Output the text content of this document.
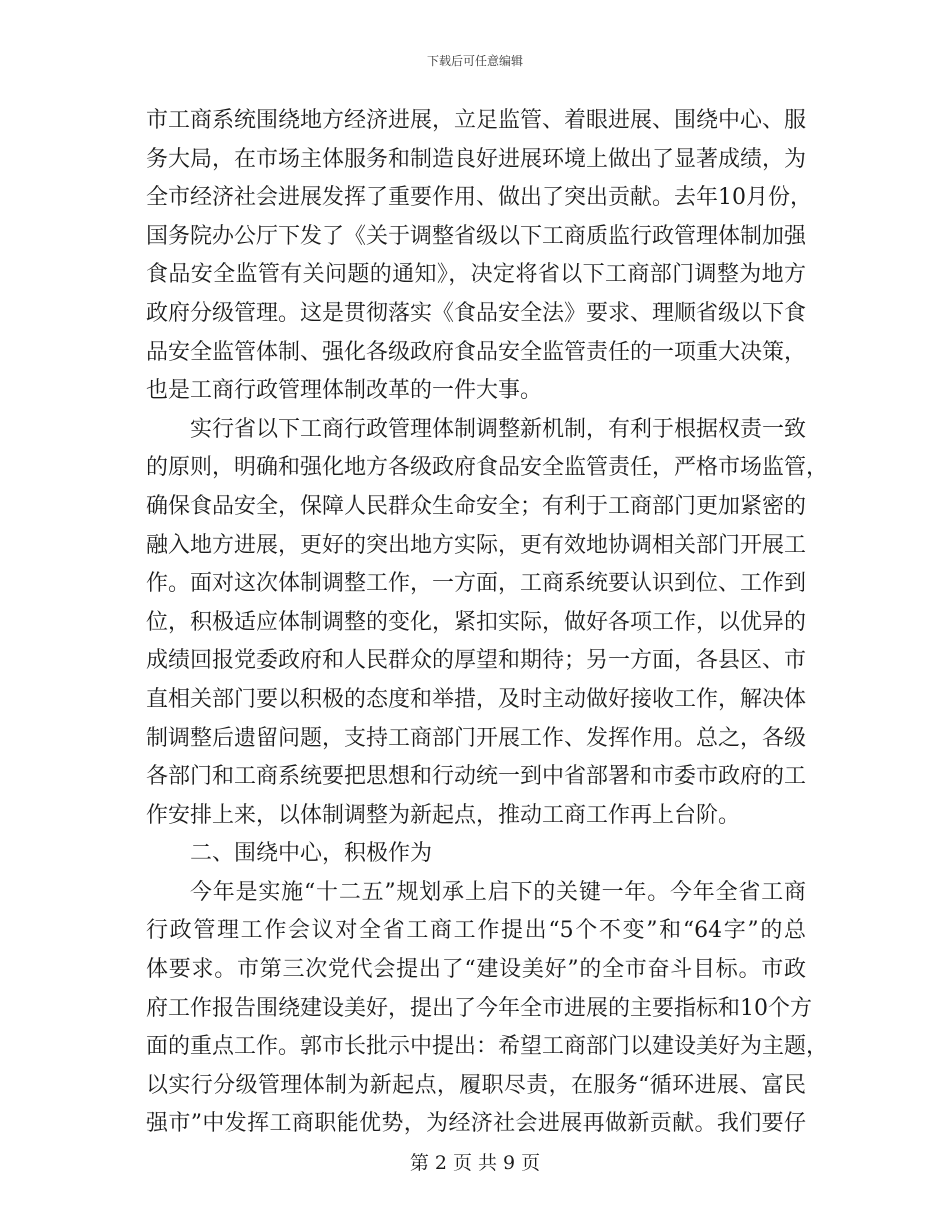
下载后可任意编辑
市工商系统围绕地方经济进展，立足监管、着眼进展、围绕中心、服
务大局，在市场主体服务和制造良好进展环境上做出了显著成绩，为
全市经济社会进展发挥了重要作用、做出了突出贡献。去年10月份，
国务院办公厅下发了《关于调整省级以下工商质监行政管理体制加强
食品安全监管有关问题的通知》，决定将省以下工商部门调整为地方
政府分级管理。这是贯彻落实《食品安全法》要求、理顺省级以下食
品安全监管体制、强化各级政府食品安全监管责任的一项重大决策，
也是工商行政管理体制改革的一件大事。
实行省以下工商行政管理体制调整新机制，有利于根据权责一致
的原则，明确和强化地方各级政府食品安全监管责任，严格市场监管，
确保食品安全，保障人民群众生命安全；有利于工商部门更加紧密的
融入地方进展，更好的突出地方实际，更有效地协调相关部门开展工
作。面对这次体制调整工作，一方面，工商系统要认识到位、工作到
位，积极适应体制调整的变化，紧扣实际，做好各项工作，以优异的
成绩回报党委政府和人民群众的厚望和期待；另一方面，各县区、市
直相关部门要以积极的态度和举措，及时主动做好接收工作，解决体
制调整后遗留问题，支持工商部门开展工作、发挥作用。总之，各级
各部门和工商系统要把思想和行动统一到中省部署和市委市政府的工
作安排上来，以体制调整为新起点，推动工商工作再上台阶。
二、围绕中心，积极作为
今年是实施“十二五”规划承上启下的关键一年。今年全省工商
行政管理工作会议对全省工商工作提出“5个不变”和“64字”的总
体要求。市第三次党代会提出了“建设美好”的全市奋斗目标。市政
府工作报告围绕建设美好，提出了今年全市进展的主要指标和10个方
面的重点工作。郭市长批示中提出：希望工商部门以建设美好为主题，
以实行分级管理体制为新起点，履职尽责，在服务“循环进展、富民
强市”中发挥工商职能优势，为经济社会进展再做新贡献。我们要仔
第 2 页 共 9 页
